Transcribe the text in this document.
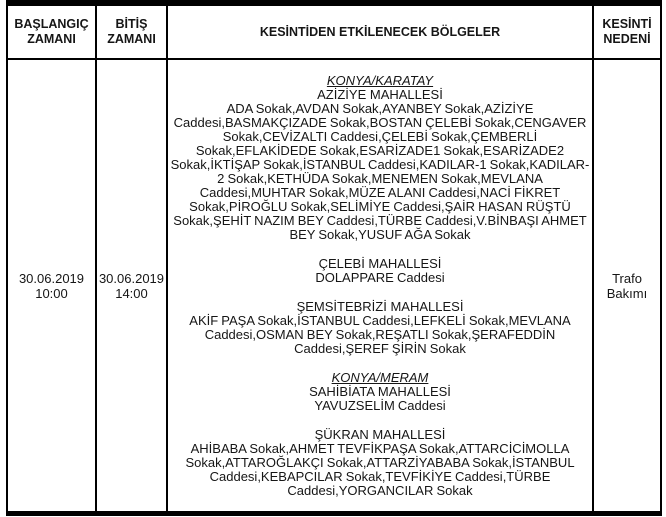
BAŞLANGIÇ ZAMANI
BİTİŞ ZAMANI
KESİNTİDEN ETKİLENECEK BÖLGELER
KESİNTİ NEDENİ
30.06.2019
10:00
30.06.2019
14:00
KONYA/KARATAY
AZİZİYE MAHALLESİ
ADA Sokak,AVDAN Sokak,AYANBEY Sokak,AZİZİYE Caddesi,BASMAKÇIZADE Sokak,BOSTAN ÇELEBİ Sokak,CENGAVER Sokak,CEVİZALTI Caddesi,ÇELEBİ Sokak,ÇEMBERLİ Sokak,EFLAKİDEDE Sokak,ESARİZADE1 Sokak,ESARİZADE2 Sokak,İKTİŞAP Sokak,İSTANBUL Caddesi,KADILAR-1 Sokak,KADILAR-2 Sokak,KETHÜDA Sokak,MENEMEN Sokak,MEVLANA Caddesi,MUHTAR Sokak,MÜZE ALANI Caddesi,NACİ FİKRET Sokak,PİROĞLU Sokak,SELİMİYE Caddesi,ŞAİR HASAN RÜŞTÜ Sokak,ŞEHİT NAZIM BEY Caddesi,TÜRBE Caddesi,V.BİNBAŞI AHMET BEY Sokak,YUSUF AĞA Sokak
ÇELEBİ MAHALLESİ
DOLAPPARE Caddesi
ŞEMSİTEBRİZİ MAHALLESİ
AKİF PAŞA Sokak,İSTANBUL Caddesi,LEFKELİ Sokak,MEVLANA Caddesi,OSMAN BEY Sokak,REŞATLI Sokak,ŞERAFEDDİN Caddesi,ŞEREF ŞİRİN Sokak
KONYA/MERAM
SAHİBİATA MAHALLESİ
YAVUZSELİM Caddesi
ŞÜKRAN MAHALLESİ
AHİBABA Sokak,AHMET TEVFİKPAŞA Sokak,ATTARCİCİMOLLA Sokak,ATTAROĞLAKÇI Sokak,ATTARZİYABABA Sokak,İSTANBUL Caddesi,KEBAPCILAR Sokak,TEVFİKİYE Caddesi,TÜRBE Caddesi,YORGANCILAR Sokak
Trafo Bakımı
